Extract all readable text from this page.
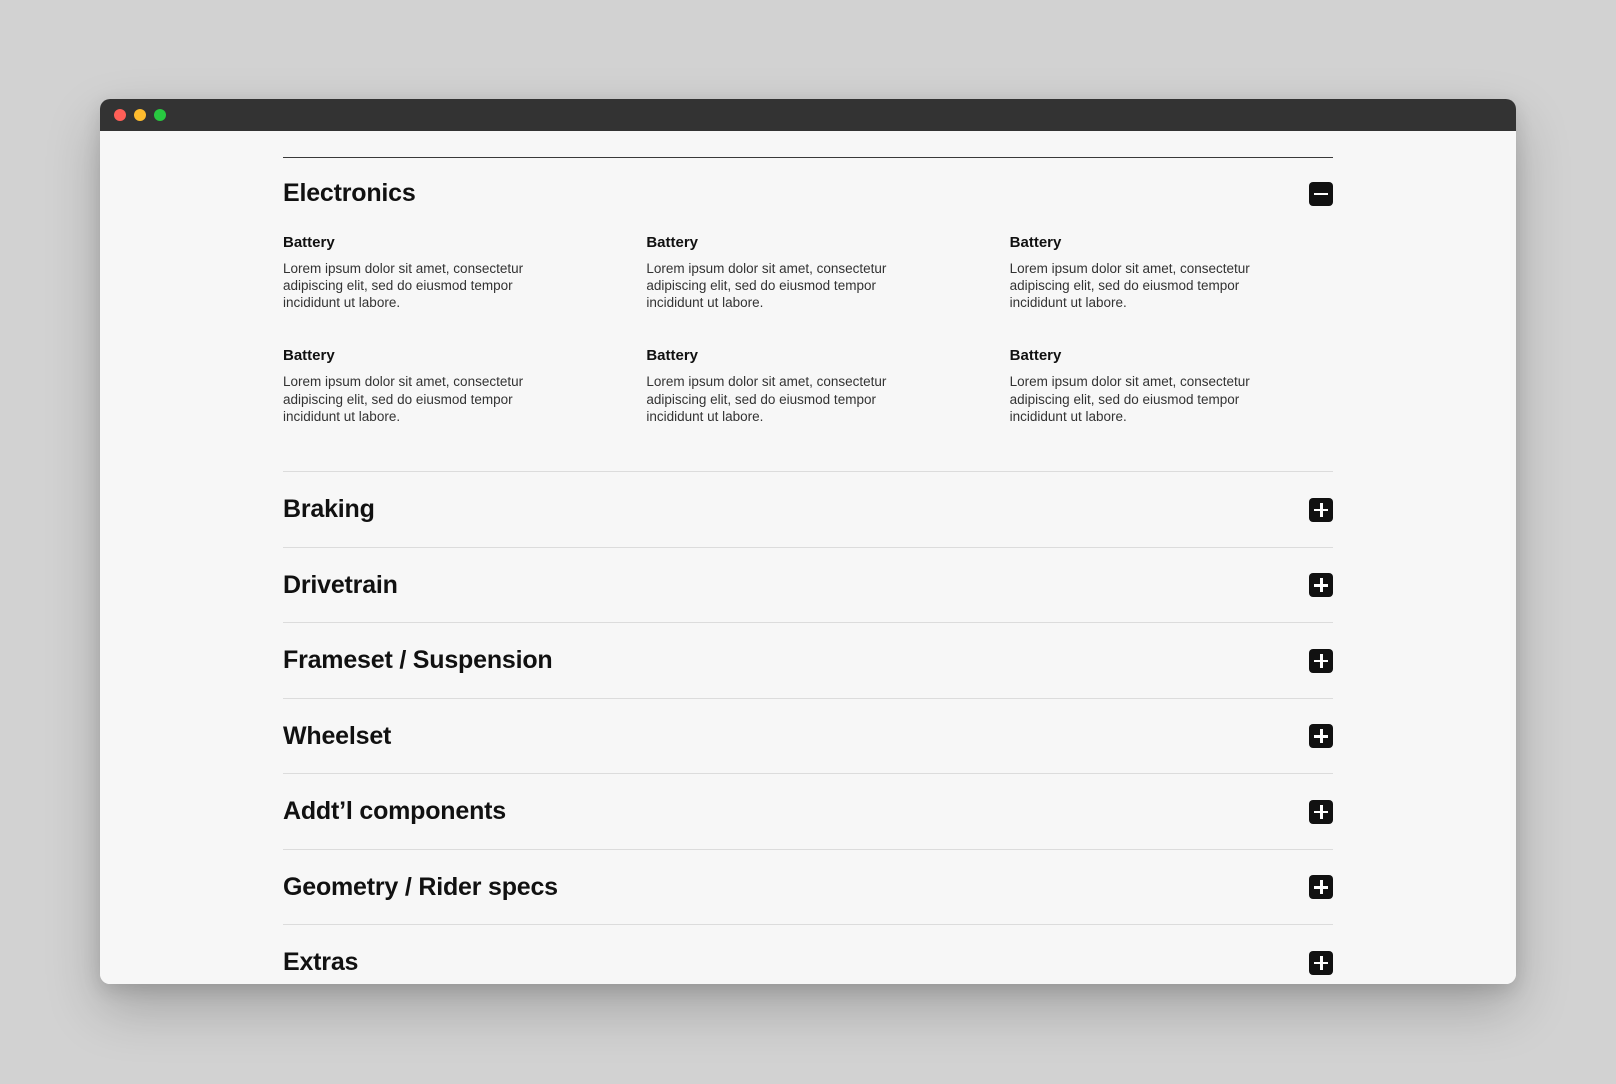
Electronics
Battery
Lorem ipsum dolor sit amet, consectetur adipiscing elit, sed do eiusmod tempor incididunt ut labore.
Battery
Lorem ipsum dolor sit amet, consectetur adipiscing elit, sed do eiusmod tempor incididunt ut labore.
Battery
Lorem ipsum dolor sit amet, consectetur adipiscing elit, sed do eiusmod tempor incididunt ut labore.
Battery
Lorem ipsum dolor sit amet, consectetur adipiscing elit, sed do eiusmod tempor incididunt ut labore.
Battery
Lorem ipsum dolor sit amet, consectetur adipiscing elit, sed do eiusmod tempor incididunt ut labore.
Battery
Lorem ipsum dolor sit amet, consectetur adipiscing elit, sed do eiusmod tempor incididunt ut labore.
Braking
Drivetrain
Frameset / Suspension
Wheelset
Addt’l components
Geometry / Rider specs
Extras
